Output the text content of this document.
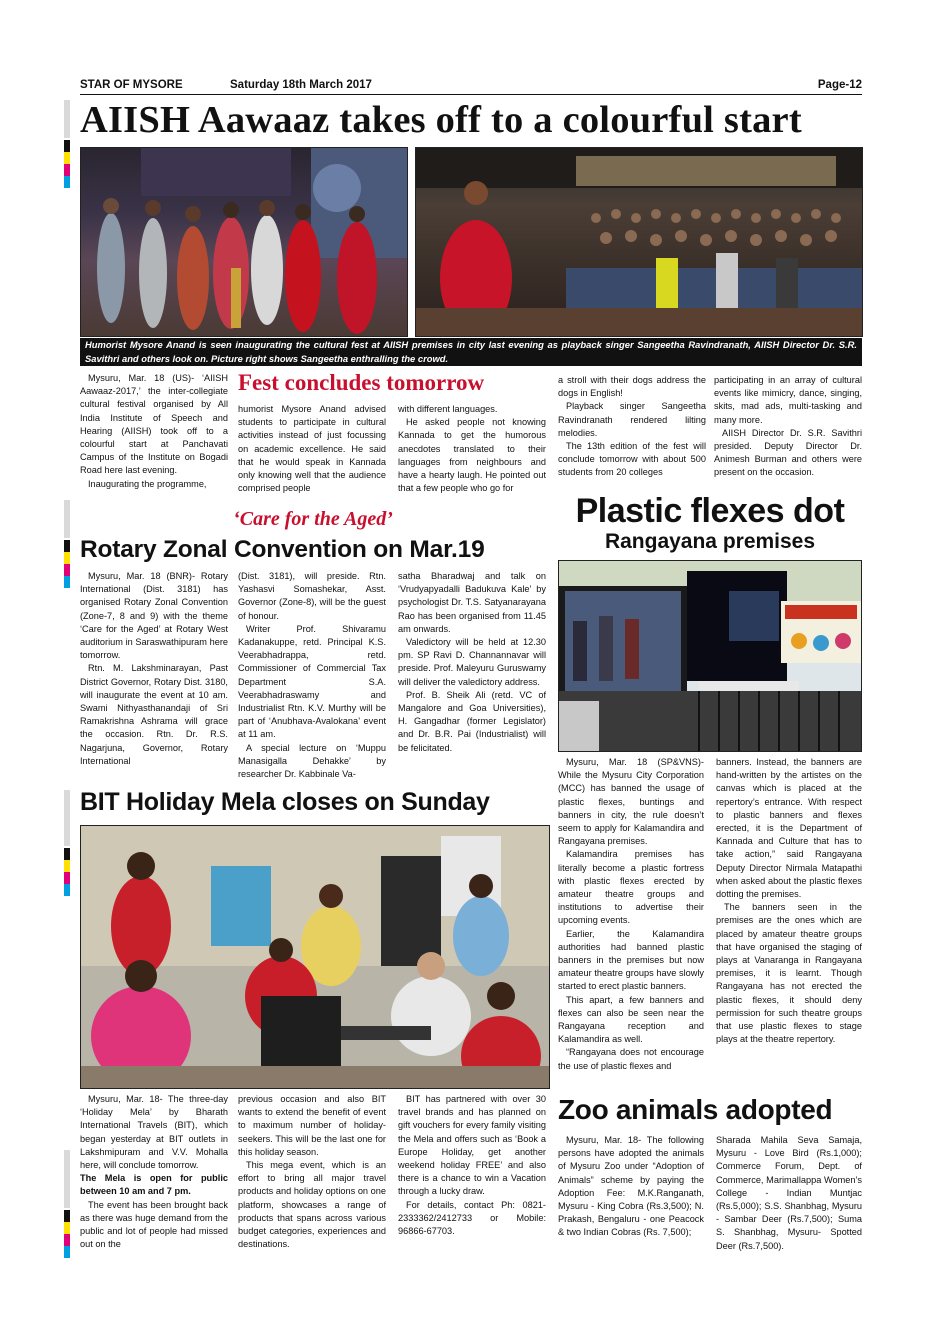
STAR OF MYSORE	Saturday 18th March 2017	Page-12
AIISH Aawaaz takes off to a colourful start
Humorist Mysore Anand is seen inaugurating the cultural fest at AIISH premises in city last evening as playback singer Sangeetha Ravindranath, AIISH Director Dr. S.R. Savithri and others look on. Picture right shows Sangeetha enthralling the crowd.

Mysuru, Mar. 18 (US)- ‘AIISH Aawaaz-2017,’ the inter-collegiate cultural festival organised by All India Institute of Speech and Hearing (AIISH) took off to a colourful start at Panchavati Campus of the Institute on Bogadi Road here last evening.

Inaugurating the programme,

Fest concludes tomorrow

humorist Mysore Anand advised students to participate in cultural activities instead of just focussing on academic excellence. He said that he would speak in Kannada only knowing well that the audience comprised people

with different languages.

He asked people not knowing Kannada to get the humorous anecdotes translated to their languages from neighbours and have a hearty laugh. He pointed out that a few people who go for

a stroll with their dogs address the dogs in English!

Playback singer Sangeetha Ravindranath rendered lilting melodies.

The 13th edition of the fest will conclude tomorrow with about 500 students from 20 colleges

participating in an array of cultural events like mimicry, dance, singing, skits, mad ads, multi-tasking and many more.

AIISH Director Dr. S.R. Savithri presided. Deputy Director Dr. Animesh Burman and others were present on the occasion.

‘Care for the Aged’
Rotary Zonal Convention on Mar.19

Mysuru, Mar. 18 (BNR)- Rotary International (Dist. 3181) has organised Rotary Zonal Convention (Zone-7, 8 and 9) with the theme ‘Care for the Aged’ at Rotary West auditorium in Saraswathipuram here tomorrow.

Rtn. M. Lakshminarayan, Past District Governor, Rotary Dist. 3180, will inaugurate the event at 10 am. Swami Nithyasthanandaji of Sri Ramakrishna Ashrama will grace the occasion. Rtn. Dr. R.S. Nagarjuna, Governor, Rotary International

(Dist. 3181), will preside. Rtn. Yashasvi Somashekar, Asst. Governor (Zone-8), will be the guest of honour.

Writer Prof. Shivaramu Kadanakuppe, retd. Principal K.S. Veerabhadrappa, retd. Commissioner of Commercial Tax Department S.A. Veerabhadraswamy and Industrialist Rtn. K.V. Murthy will be part of ‘Anubhava-Avalokana’ event at 11 am.

A special lecture on ‘Muppu Manasigalla Dehakke’ by researcher Dr. Kabbinale Va-

satha Bharadwaj and talk on ‘Vrudyapyadalli Badukuva Kale’ by psychologist Dr. T.S. Satyanarayana Rao has been organised from 11.45 am onwards.

Valedictory will be held at 12.30 pm. SP Ravi D. Channannavar will preside. Prof. Maleyuru Guruswamy will deliver the valedictory address.

Prof. B. Sheik Ali (retd. VC of Mangalore and Goa Universities), H. Gangadhar (former Legislator) and Dr. B.R. Pai (Industrialist) will be felicitated.

Plastic flexes dot
Rangayana premises

Mysuru, Mar. 18 (SP&VNS)- While the Mysuru City Corporation (MCC) has banned the usage of plastic flexes, buntings and banners in city, the rule doesn’t seem to apply for Kalamandira and Rangayana premises.

Kalamandira premises has literally become a plastic fortress with plastic flexes erected by amateur theatre groups and institutions to advertise their upcoming events.

Earlier, the Kalamandira authorities had banned plastic banners in the premises but now amateur theatre groups have slowly started to erect plastic banners.

This apart, a few banners and flexes can also be seen near the Rangayana reception and Kalamandira as well.

“Rangayana does not encourage the use of plastic flexes and

banners. Instead, the banners are hand-written by the artistes on the canvas which is placed at the repertory’s entrance. With respect to plastic banners and flexes erected, it is the Department of Kannada and Culture that has to take action,” said Rangayana Deputy Director Nirmala Matapathi when asked about the plastic flexes dotting the premises.

The banners seen in the premises are the ones which are placed by amateur theatre groups that have organised the staging of plays at Vanaranga in Rangayana premises, it is learnt. Though Rangayana has not erected the plastic flexes, it should deny permission for such theatre groups that use plastic flexes to stage plays at the theatre repertory.

BIT Holiday Mela closes on Sunday

Mysuru, Mar. 18- The three-day ‘Holiday Mela’ by Bharath International Travels (BIT), which began yesterday at BIT outlets in Lakshmipuram and V.V. Mohalla here, will conclude tomorrow.

The Mela is open for public between 10 am and 7 pm.

The event has been brought back as there was huge demand from the public and lot of people had missed out on the

previous occasion and also BIT wants to extend the benefit of event to maximum number of holiday-seekers. This will be the last one for this holiday season.

This mega event, which is an effort to bring all major travel products and holiday options on one platform, showcases a range of products that spans across various budget categories, experiences and destinations.

BIT has partnered with over 30 travel brands and has planned on gift vouchers for every family visiting the Mela and offers such as ‘Book a Europe Holiday, get another weekend holiday FREE’ and also there is a chance to win a Vacation through a lucky draw.

For details, contact Ph: 0821-2333362/2412733 or Mobile: 96866-67703.

Zoo animals adopted

Mysuru, Mar. 18- The following persons have adopted the animals of Mysuru Zoo under “Adoption of Animals” scheme by paying the Adoption Fee: M.K.Ranganath, Mysuru - King Cobra (Rs.3,500); N. Prakash, Bengaluru - one Peacock & two Indian Cobras (Rs. 7,500);

Sharada Mahila Seva Samaja, Mysuru - Love Bird (Rs.1,000); Commerce Forum, Dept. of Commerce, Marimallappa Women’s College - Indian Muntjac (Rs.5,000); S.S. Shanbhag, Mysuru - Sambar Deer (Rs.7,500); Suma S. Shanbhag, Mysuru- Spotted Deer (Rs.7,500).
